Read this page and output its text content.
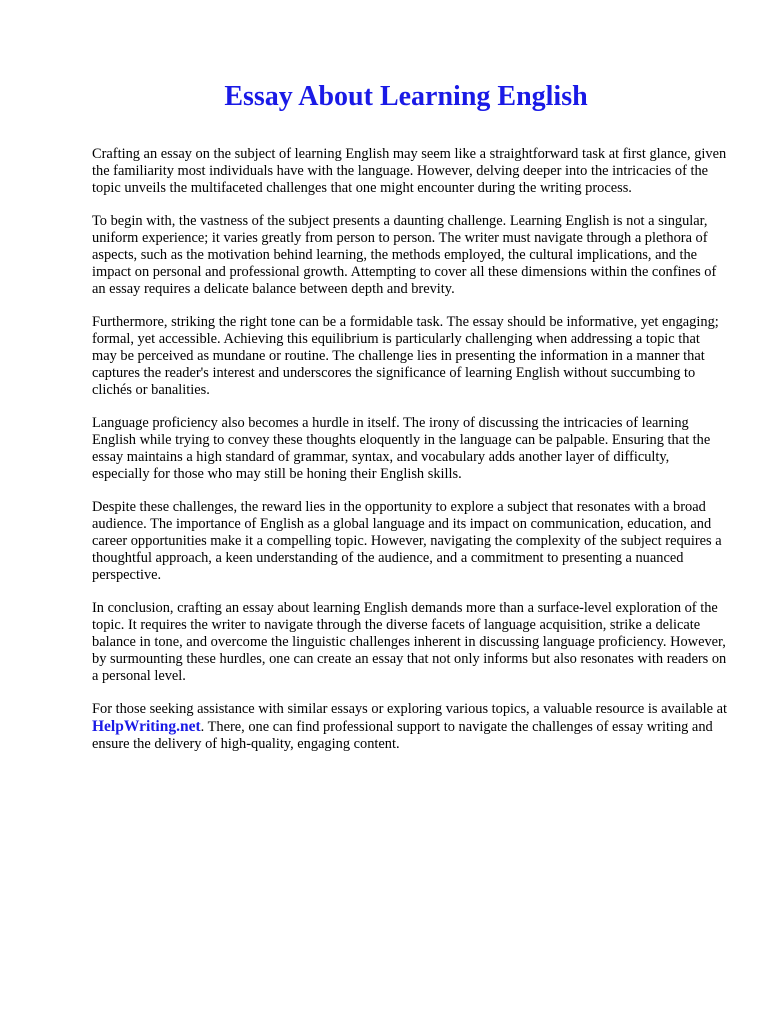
Essay About Learning English

Crafting an essay on the subject of learning English may seem like a straightforward task at first glance, given the familiarity most individuals have with the language. However, delving deeper into the intricacies of the topic unveils the multifaceted challenges that one might encounter during the writing process.

To begin with, the vastness of the subject presents a daunting challenge. Learning English is not a singular, uniform experience; it varies greatly from person to person. The writer must navigate through a plethora of aspects, such as the motivation behind learning, the methods employed, the cultural implications, and the impact on personal and professional growth. Attempting to cover all these dimensions within the confines of an essay requires a delicate balance between depth and brevity.

Furthermore, striking the right tone can be a formidable task. The essay should be informative, yet engaging; formal, yet accessible. Achieving this equilibrium is particularly challenging when addressing a topic that may be perceived as mundane or routine. The challenge lies in presenting the information in a manner that captures the reader's interest and underscores the significance of learning English without succumbing to clichés or banalities.

Language proficiency also becomes a hurdle in itself. The irony of discussing the intricacies of learning English while trying to convey these thoughts eloquently in the language can be palpable. Ensuring that the essay maintains a high standard of grammar, syntax, and vocabulary adds another layer of difficulty, especially for those who may still be honing their English skills.

Despite these challenges, the reward lies in the opportunity to explore a subject that resonates with a broad audience. The importance of English as a global language and its impact on communication, education, and career opportunities make it a compelling topic. However, navigating the complexity of the subject requires a thoughtful approach, a keen understanding of the audience, and a commitment to presenting a nuanced perspective.

In conclusion, crafting an essay about learning English demands more than a surface-level exploration of the topic. It requires the writer to navigate through the diverse facets of language acquisition, strike a delicate balance in tone, and overcome the linguistic challenges inherent in discussing language proficiency. However, by surmounting these hurdles, one can create an essay that not only informs but also resonates with readers on a personal level.

For those seeking assistance with similar essays or exploring various topics, a valuable resource is available at HelpWriting.net. There, one can find professional support to navigate the challenges of essay writing and ensure the delivery of high-quality, engaging content.
